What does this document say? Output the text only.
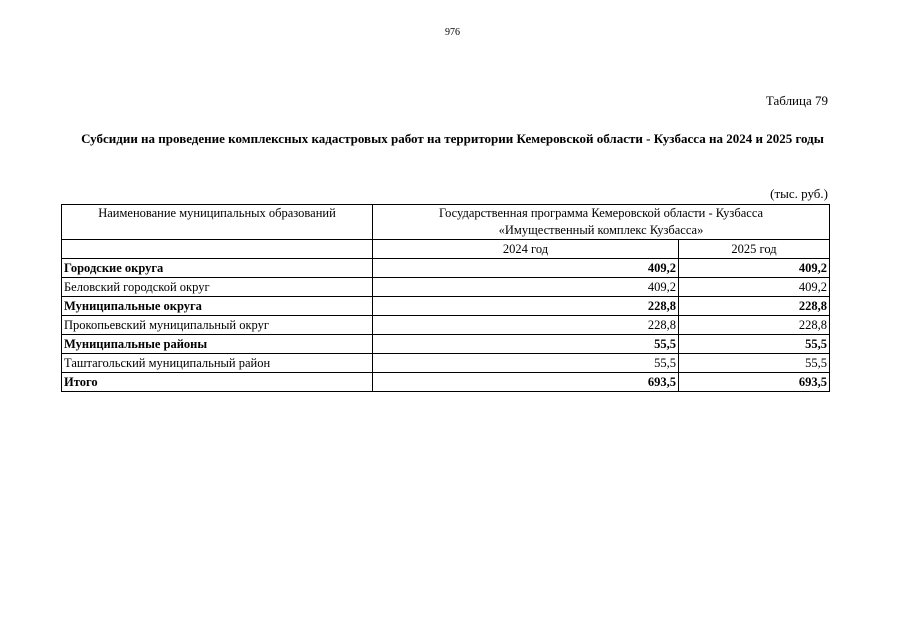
976
Таблица 79
Субсидии на проведение комплексных кадастровых работ на территории Кемеровской области - Кузбасса на 2024 и 2025 годы
(тыс. руб.)
Наименование муниципальных образований	Государственная программа Кемеровской области - Кузбасса
«Имущественный комплекс Кузбасса»	

	2024 год	2025 год
Городские округа	409,2	409,2
Беловский городской округ	409,2	409,2
Муниципальные округа	228,8	228,8
Прокопьевский муниципальный округ	228,8	228,8
Муниципальные районы	55,5	55,5
Таштагольский муниципальный район	55,5	55,5
Итого	693,5	693,5
